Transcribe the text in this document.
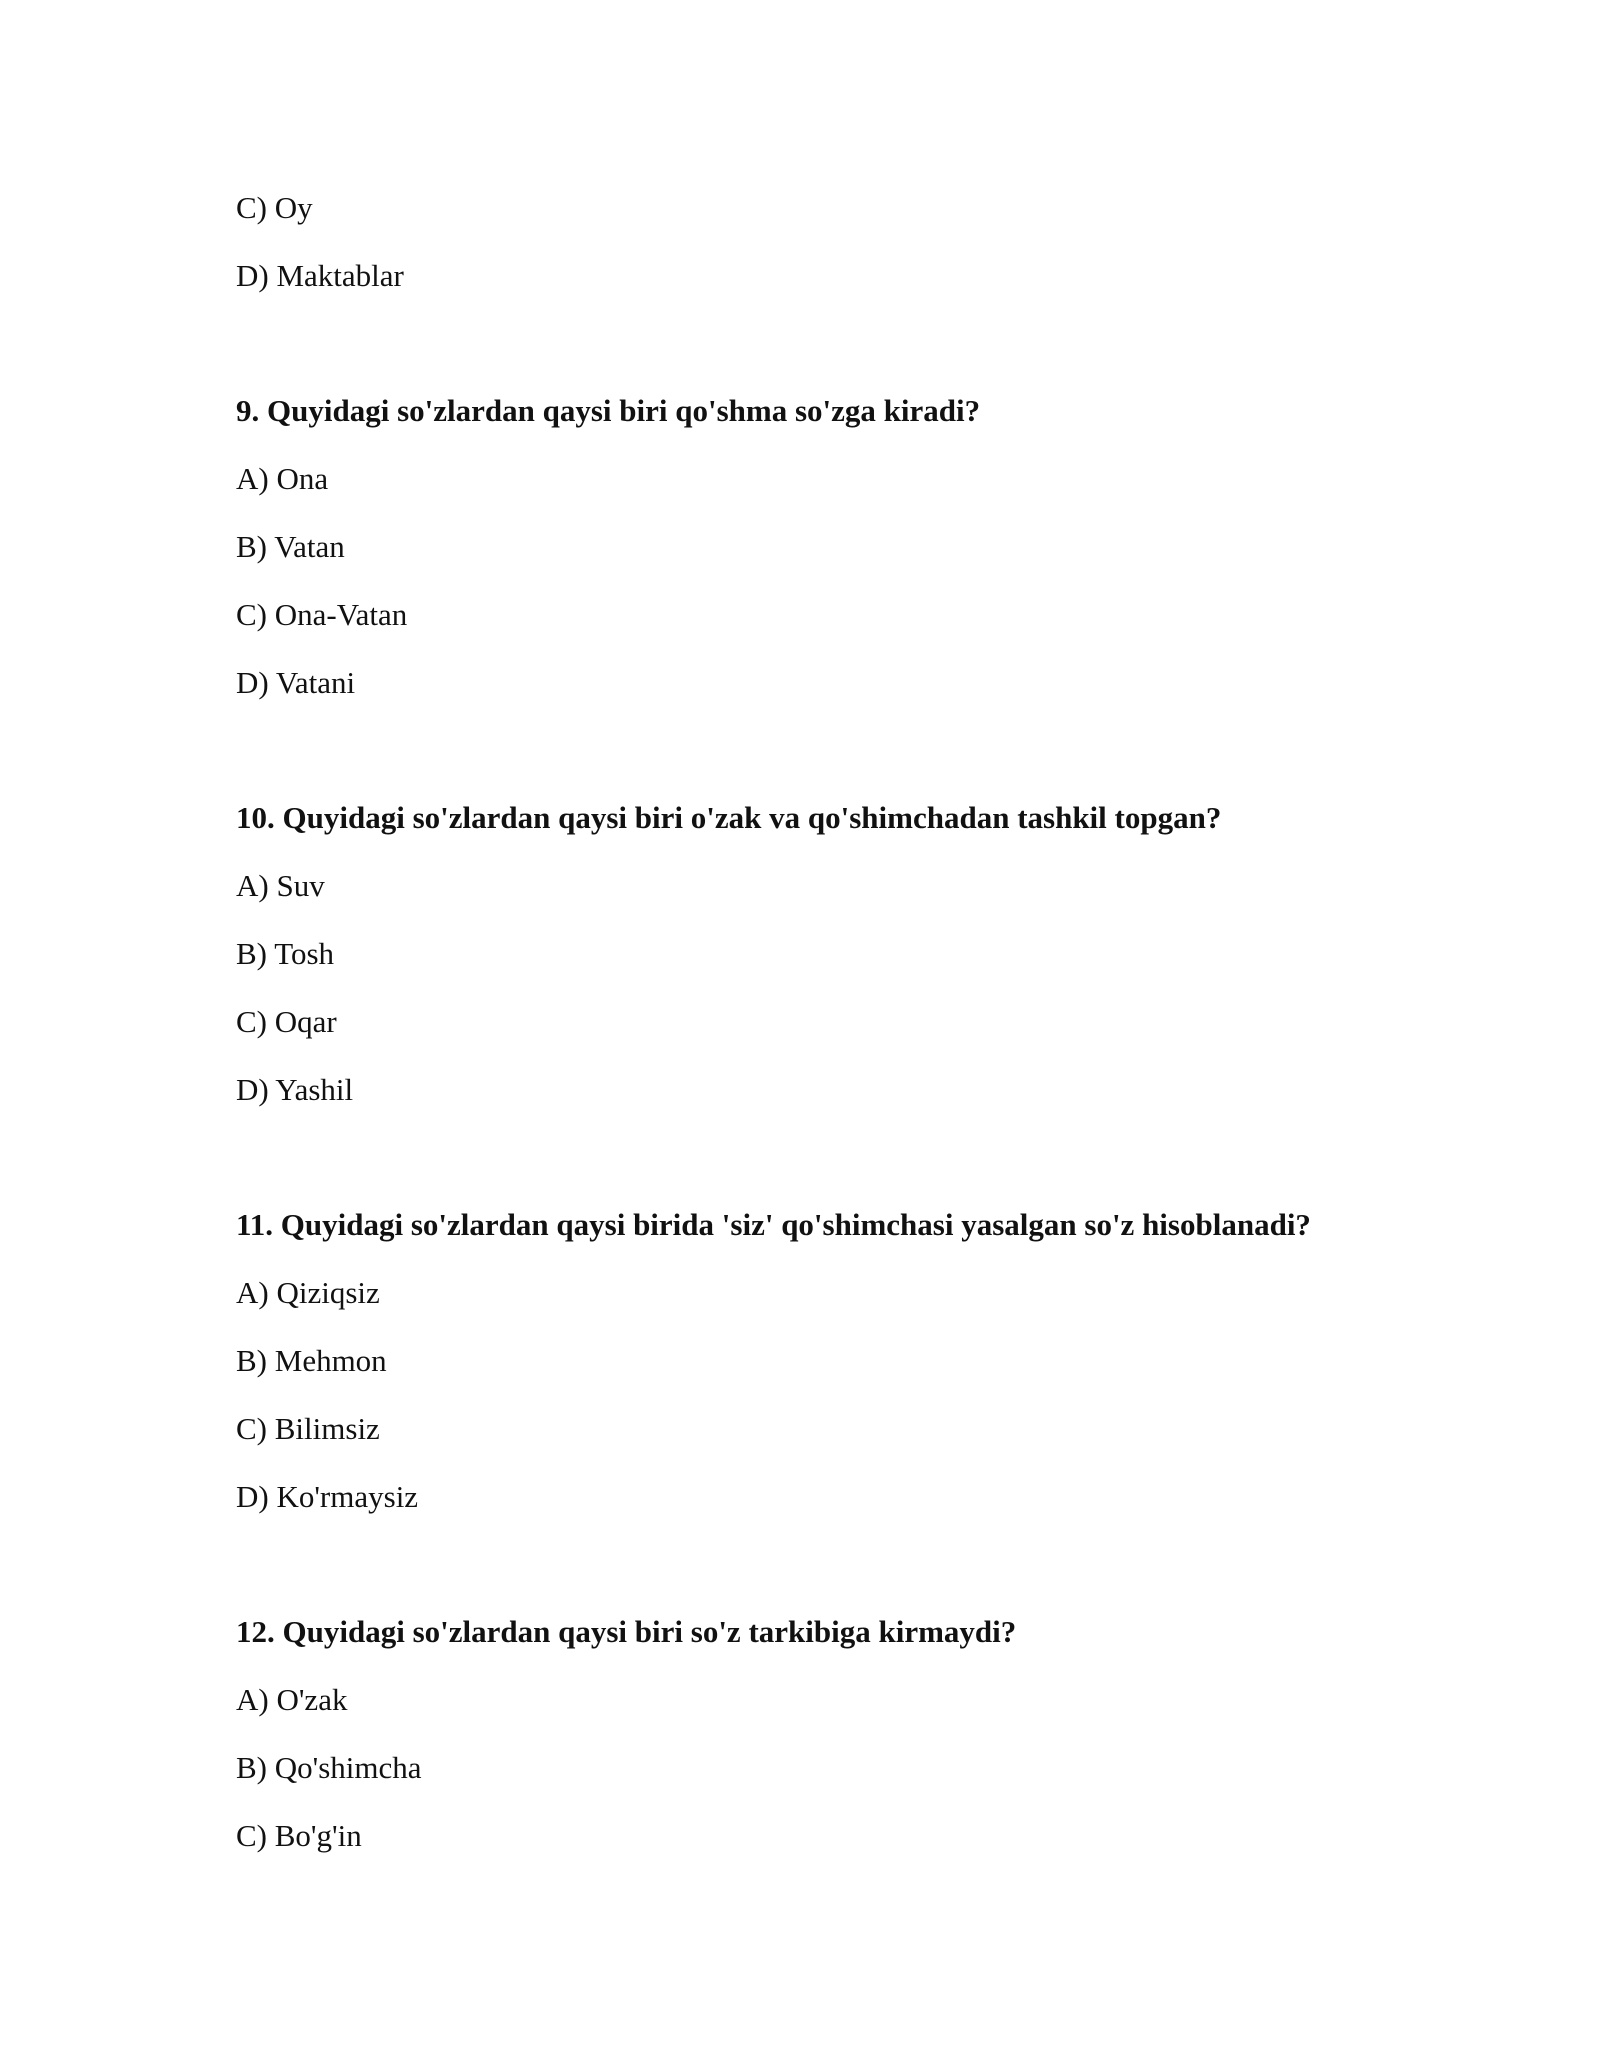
C) Oy
D) Maktablar
9. Quyidagi so'zlardan qaysi biri qo'shma so'zga kiradi?
A) Ona
B) Vatan
C) Ona-Vatan
D) Vatani
10. Quyidagi so'zlardan qaysi biri o'zak va qo'shimchadan tashkil topgan?
A) Suv
B) Tosh
C) Oqar
D) Yashil
11. Quyidagi so'zlardan qaysi birida 'siz' qo'shimchasi yasalgan so'z hisoblanadi?
A) Qiziqsiz
B) Mehmon
C) Bilimsiz
D) Ko'rmaysiz
12. Quyidagi so'zlardan qaysi biri so'z tarkibiga kirmaydi?
A) O'zak
B) Qo'shimcha
C) Bo'g'in
